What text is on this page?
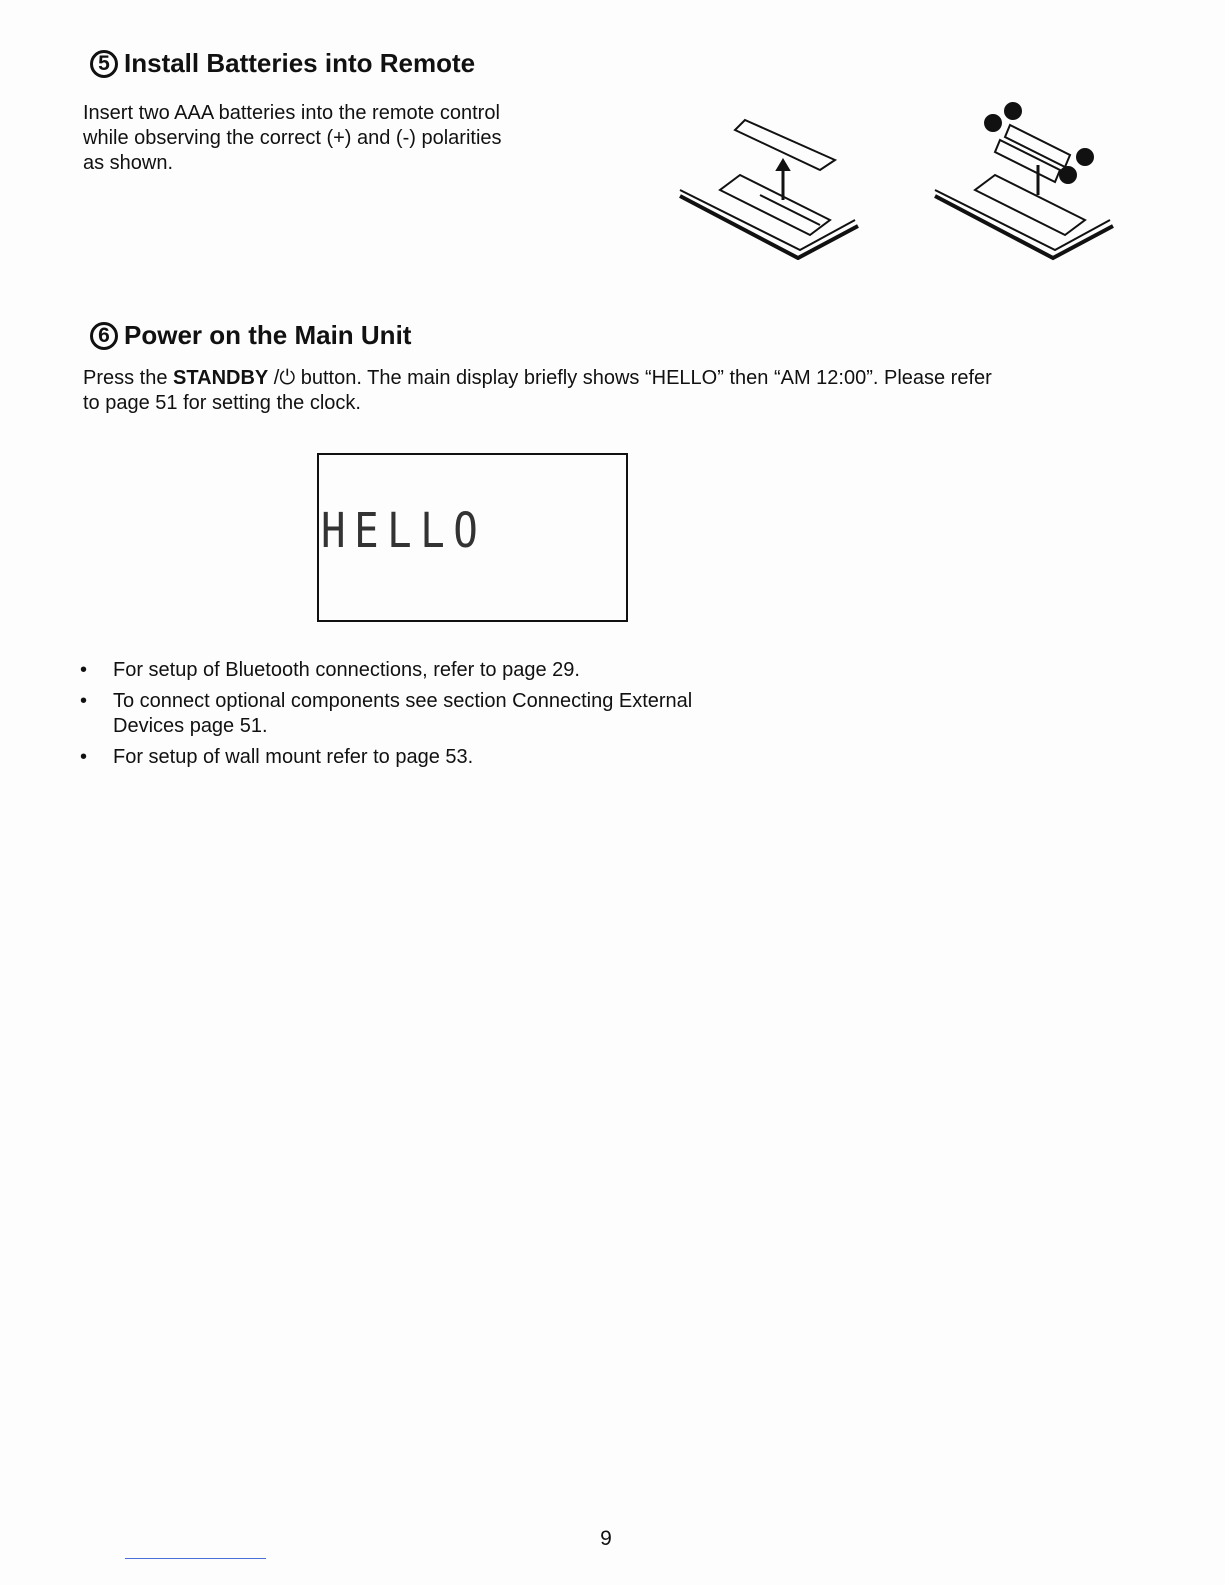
5 Install Batteries into Remote
Insert two AAA batteries into the remote control
while observing the correct (+) and (-) polarities
as shown.
6 Power on the Main Unit
Press the STANDBY /⏻ button. The main display briefly shows “HELLO” then “AM 12:00”. Please refer
to page 51 for setting the clock.
HELLO
• For setup of Bluetooth connections, refer to page 29.
• To connect optional components see section Connecting External Devices page 51.
• For setup of wall mount refer to page 53.
9
